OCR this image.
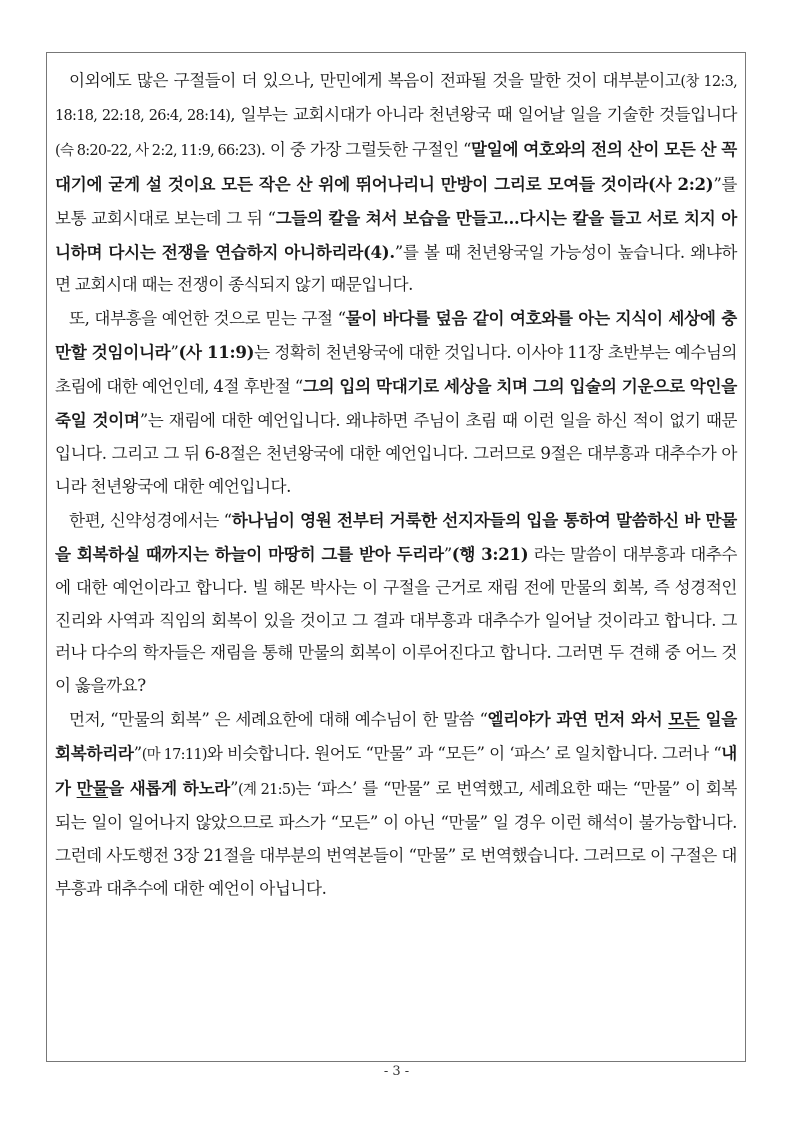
이외에도 많은 구절들이 더 있으나, 만민에게 복음이 전파될 것을 말한 것이 대부분이고(창 12:3, 18:18, 22:18, 26:4, 28:14), 일부는 교회시대가 아니라 천년왕국 때 일어날 일을 기술한 것들입니다(슥 8:20-22, 사 2:2, 11:9, 66:23). 이 중 가장 그럴듯한 구절인 “말일에 여호와의 전의 산이 모든 산 꼭대기에 굳게 설 것이요 모든 작은 산 위에 뛰어나리니 만방이 그리로 모여들 것이라(사 2:2)”를 보통 교회시대로 보는데 그 뒤 “그들의 칼을 쳐서 보습을 만들고…다시는 칼을 들고 서로 치지 아니하며 다시는 전쟁을 연습하지 아니하리라(4).”를 볼 때 천년왕국일 가능성이 높습니다. 왜냐하면 교회시대 때는 전쟁이 종식되지 않기 때문입니다.

또, 대부흥을 예언한 것으로 믿는 구절 “물이 바다를 덮음 같이 여호와를 아는 지식이 세상에 충만할 것임이니라”(사 11:9)는 정확히 천년왕국에 대한 것입니다. 이사야 11장 초반부는 예수님의 초림에 대한 예언인데, 4절 후반절 “그의 입의 막대기로 세상을 치며 그의 입술의 기운으로 악인을 죽일 것이며”는 재림에 대한 예언입니다. 왜냐하면 주님이 초림 때 이런 일을 하신 적이 없기 때문입니다. 그리고 그 뒤 6-8절은 천년왕국에 대한 예언입니다. 그러므로 9절은 대부흥과 대추수가 아니라 천년왕국에 대한 예언입니다.

한편, 신약성경에서는 “하나님이 영원 전부터 거룩한 선지자들의 입을 통하여 말씀하신 바 만물을 회복하실 때까지는 하늘이 마땅히 그를 받아 두리라”(행 3:21) 라는 말씀이 대부흥과 대추수에 대한 예언이라고 합니다. 빌 해몬 박사는 이 구절을 근거로 재림 전에 만물의 회복, 즉 성경적인 진리와 사역과 직임의 회복이 있을 것이고 그 결과 대부흥과 대추수가 일어날 것이라고 합니다. 그러나 다수의 학자들은 재림을 통해 만물의 회복이 이루어진다고 합니다. 그러면 두 견해 중 어느 것이 옳을까요?

먼저, “만물의 회복” 은 세례요한에 대해 예수님이 한 말씀 “엘리야가 과연 먼저 와서 모든 일을 회복하리라”(마 17:11)와 비슷합니다. 원어도 “만물” 과 “모든” 이 ‘파스’ 로 일치합니다. 그러나 “내가 만물을 새롭게 하노라”(계 21:5)는 ‘파스’ 를 “만물” 로 번역했고, 세례요한 때는 “만물” 이 회복되는 일이 일어나지 않았으므로 파스가 “모든” 이 아닌 “만물” 일 경우 이런 해석이 불가능합니다. 그런데 사도행전 3장 21절을 대부분의 번역본들이 “만물” 로 번역했습니다. 그러므로 이 구절은 대부흥과 대추수에 대한 예언이 아닙니다.

- 3 -
